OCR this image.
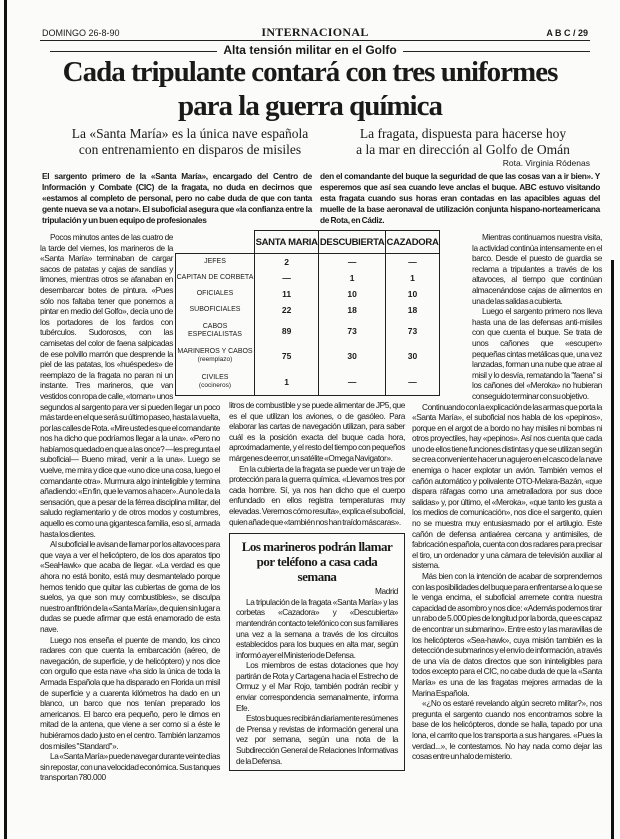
DOMINGO 26-8-90	INTERNACIONAL	A B C / 29
Alta tensión militar en el Golfo
Cada tripulante contará con tres uniformes
para la guerra química
La «Santa María» es la única nave española
con entrenamiento en disparos de misiles
La fragata, dispuesta para hacerse hoy
a la mar en dirección al Golfo de Omán
Rota. Virginia Ródenas
El sargento primero de la «Santa María», encargado del Centro de Información y Combate (CIC) de la fragata, no duda en decirnos que «estamos al completo de personal, pero no cabe duda de que con tanta gente nueva se va a notar». El suboficial asegura que «la confianza entre la tripulación y un buen equipo de profesionales
den el comandante del buque la seguridad de que las cosas van a ir bien». Y esperemos que así sea cuando leve anclas el buque. ABC estuvo visitando esta fragata cuando sus horas eran contadas en las apacibles aguas del muelle de la base aeronaval de utilización conjunta hispano-norteamericana de Rota, en Cádiz.
	SANTA MARIA	DESCUBIERTA	CAZADORA
JEFES	2	—	—
CAPITAN DE CORBETA	—	1	1
OFICIALES	11	10	10
SUBOFICIALES	22	18	18
CABOS ESPECIALISTAS	89	73	73
MARINEROS Y CABOS
(reemplazo)	75	30	30
CIVILES
(cocineros)	1	—	—

Pocos minutos antes de las cuatro de la tarde del viernes, los marineros de la «Santa María» terminaban de cargar sacos de patatas y cajas de sandías y limones, mientras otros se afanaban en desembarcar botes de pintura. «Pues sólo nos faltaba tener que ponernos a pintar en medio del Golfo», decía uno de los portadores de los fardos con tubérculos. Sudorosos, con las camisetas del color de faena salpicadas de ese polvillo marrón que desprende la piel de las patatas, los «huéspedes» de reemplazo de la fragata no paran ni un instante. Tres marineros, que van vestidos con ropa de calle, «toman» unos segundos al sargento para ver si pueden llegar un poco más tarde en el que será su último paseo, hasta la vuelta, por las calles de Rota. «Mire usted es que el comandante nos ha dicho que podríamos llegar a la una». «Pero no habíamos quedado en que a las once? —les pregunta el suboficial— Bueno mirad, venir a la una». Luego se vuelve, me mira y dice que «uno dice una cosa, luego el comandante otra». Murmura algo ininteligible y termina añadiendo: «En fin, que le vamos a hacer». A uno le da la sensación, que a pesar de la férrea disciplina militar, del saludo reglamentario y de otros modos y costumbres, aquello es como una gigantesca familia, eso sí, armada hasta los dientes.

Al suboficial le avisan de llamar por los altavoces para que vaya a ver el helicóptero, de los dos aparatos tipo «SeaHawk» que acaba de llegar. «La verdad es que ahora no está bonito, está muy desmantelado porque hemos tenido que quitar las cubiertas de goma de los suelos, ya que son muy combustibles», se disculpa nuestro anfitrión de la «Santa María», de quien sin lugar a dudas se puede afirmar que está enamorado de esta nave.

Luego nos enseña el puente de mando, los cinco radares con que cuenta la embarcación (aéreo, de navegación, de superficie, y de helicóptero) y nos dice con orgullo que esta nave «ha sido la única de toda la Armada Española que ha disparado en Florida un misil de superficie y a cuarenta kilómetros ha dado en un blanco, un barco que nos tenían preparado los americanos. El barco era pequeño, pero le dimos en mitad de la antena, que viene a ser como si a éste le hubiéramos dado justo en el centro. También lanzamos dos misiles "Standard"».

La «Santa María» puede navegar durante veinte días sin repostar, con una velocidad económica. Sus tanques transportan 780.000

litros de combustible y se puede alimentar de JP5, que es el que utilizan los aviones, o de gasóleo. Para elaborar las cartas de navegación utilizan, para saber cuál es la posición exacta del buque cada hora, aproximadamente, y el resto del tiempo con pequeños márgenes de error, un satélite «Omega Navigator».

En la cubierta de la fragata se puede ver un traje de protección para la guerra química. «Llevamos tres por cada hombre. Sí, ya nos han dicho que el cuerpo enfundado en ellos registra temperaturas muy elevadas. Veremos cómo resulta», explica el suboficial, quien añade que «también nos han traído máscaras».

Los marineros podrán llamar por teléfono a casa cada semana
Madrid

La tripulación de la fragata «Santa María» y las corbetas «Cazadora» y «Descubierta» mantendrán contacto telefónico con sus familiares una vez a la semana a través de los circuitos establecidos para los buques en alta mar, según informó ayer el Ministerio de Defensa.

Los miembros de estas dotaciones que hoy partirán de Rota y Cartagena hacia el Estrecho de Ormuz y el Mar Rojo, también podrán recibir y enviar correspondencia semanalmente, informa Efe.

Estos buques recibirán diariamente resúmenes de Prensa y revistas de información general una vez por semana, según una nota de la Subdirección General de Relaciones Informativas de la Defensa.

Mientras continuamos nuestra visita, la actividad continúa intensamente en el barco. Desde el puesto de guardia se reclama a tripulantes a través de los altavoces, al tiempo que continúan almacenándose cajas de alimentos en una de las salidas a cubierta.

Luego el sargento primero nos lleva hasta una de las defensas anti-misiles con que cuenta el buque. Se trata de unos cañones que «escupen» pequeñas cintas metálicas que, una vez lanzadas, forman una nube que atrae al misil y lo desvía, rematando la "faena" si los cañones del «Meroka» no hubieran conseguido terminar con su objetivo.

Continuando con la explicación de las armas que porta la «Santa María», el suboficial nos habla de los «pepinos», porque en el argot de a bordo no hay misiles ni bombas ni otros proyectiles, hay «pepinos». Así nos cuenta que cada uno de ellos tiene funciones distintas y que se utilizan según se crea conveniente hacer un agujero en el casco de la nave enemiga o hacer explotar un avión. También vemos el cañón automático y polivalente OTO-Melara-Bazán, «que dispara ráfagas como una ametralladora por sus doce salidas» y, por último, el «Meroka», «que tanto les gusta a los medios de comunicación», nos dice el sargento, quien no se muestra muy entusiasmado por el artilugio. Este cañón de defensa antiaérea cercana y antimisiles, de fabricación española, cuenta con dos radares para precisar el tiro, un ordenador y una cámara de televisión auxiliar al sistema.

Más bien con la intención de acabar de sorprendernos con las posibilidades del buque para enfrentarse a lo que se le venga encima, el suboficial arremete contra nuestra capacidad de asombro y nos dice: «Además podemos tirar un rabo de 5.000 pies de longitud por la borda, que es capaz de encontrar un submarino». Entre esto y las maravillas de los helicópteros «Sea-hawk», cuya misión también es la detección de submarinos y el envío de información, a través de una vía de datos directos que son ininteligibles para todos excepto para el CIC, no cabe duda de que la «Santa María» es una de las fragatas mejores armadas de la Marina Española.

«¿No os estaré revelando algún secreto militar?», nos pregunta el sargento cuando nos encontramos sobre la base de los helicópteros, donde se halla, tapado por una lona, el carrito que los transporta a sus hangares. «Pues la verdad...», le contestamos. No hay nada como dejar las cosas entre un halo de misterio.
